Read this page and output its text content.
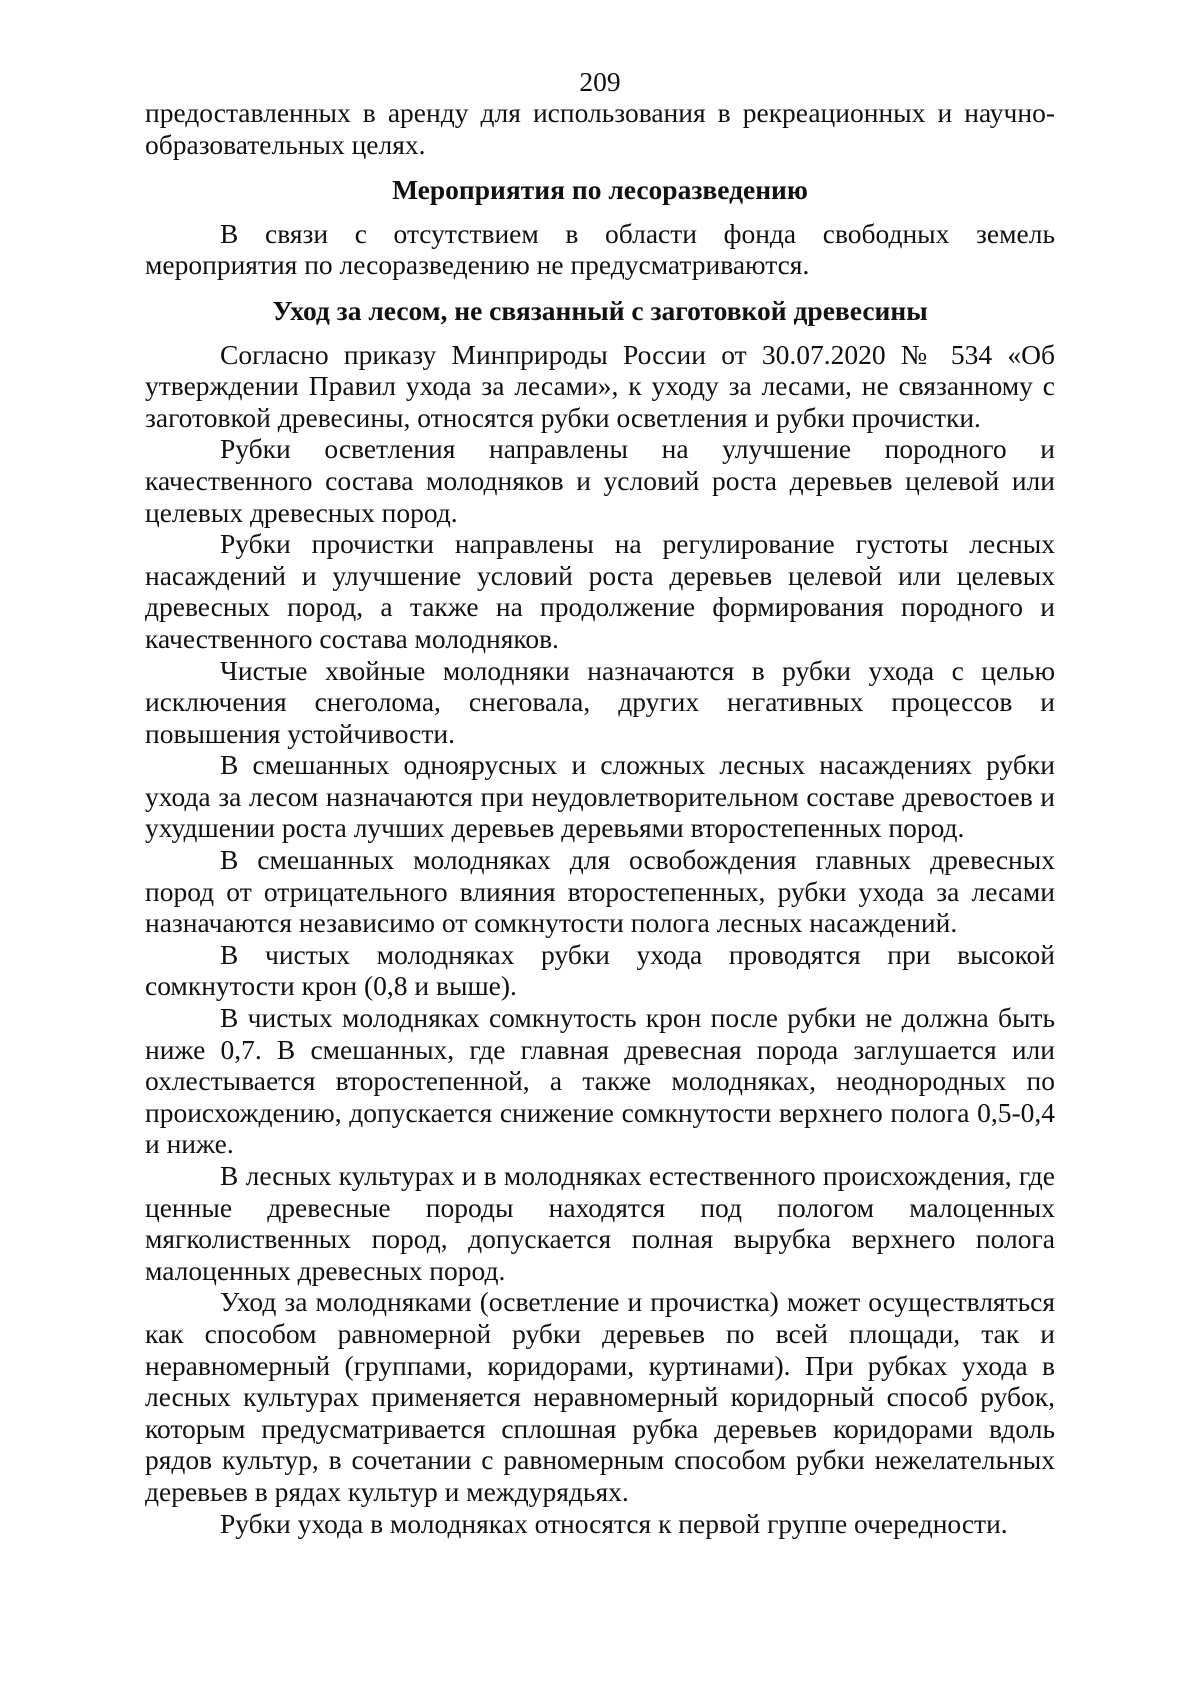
209

предоставленных в аренду для использования в рекреационных и научно-образовательных целях.

Мероприятия по лесоразведению

В связи с отсутствием в области фонда свободных земель мероприятия по лесоразведению не предусматриваются.

Уход за лесом, не связанный с заготовкой древесины

Согласно приказу Минприроды России от 30.07.2020 № 534 «Об утверждении Правил ухода за лесами», к уходу за лесами, не связанному с заготовкой древесины, относятся рубки осветления и рубки прочистки.

Рубки осветления направлены на улучшение породного и качественного состава молодняков и условий роста деревьев целевой или целевых древесных пород.

Рубки прочистки направлены на регулирование густоты лесных насаждений и улучшение условий роста деревьев целевой или целевых древесных пород, а также на продолжение формирования породного и качественного состава молодняков.

Чистые хвойные молодняки назначаются в рубки ухода с целью исключения снеголома, снеговала, других негативных процессов и повышения устойчивости.

В смешанных одноярусных и сложных лесных насаждениях рубки ухода за лесом назначаются при неудовлетворительном составе древостоев и ухудшении роста лучших деревьев деревьями второстепенных пород.

В смешанных молодняках для освобождения главных древесных пород от отрицательного влияния второстепенных, рубки ухода за лесами назначаются независимо от сомкнутости полога лесных насаждений.

В чистых молодняках рубки ухода проводятся при высокой сомкнутости крон (0,8 и выше).

В чистых молодняках сомкнутость крон после рубки не должна быть ниже 0,7. В смешанных, где главная древесная порода заглушается или охлестывается второстепенной, а также молодняках, неоднородных по происхождению, допускается снижение сомкнутости верхнего полога 0,5-0,4 и ниже.

В лесных культурах и в молодняках естественного происхождения, где ценные древесные породы находятся под пологом малоценных мягколиственных пород, допускается полная вырубка верхнего полога малоценных древесных пород.

Уход за молодняками (осветление и прочистка) может осуществляться как способом равномерной рубки деревьев по всей площади, так и неравномерный (группами, коридорами, куртинами). При рубках ухода в лесных культурах применяется неравномерный коридорный способ рубок, которым предусматривается сплошная рубка деревьев коридорами вдоль рядов культур, в сочетании с равномерным способом рубки нежелательных деревьев в рядах культур и междурядьях.

Рубки ухода в молодняках относятся к первой группе очередности.
